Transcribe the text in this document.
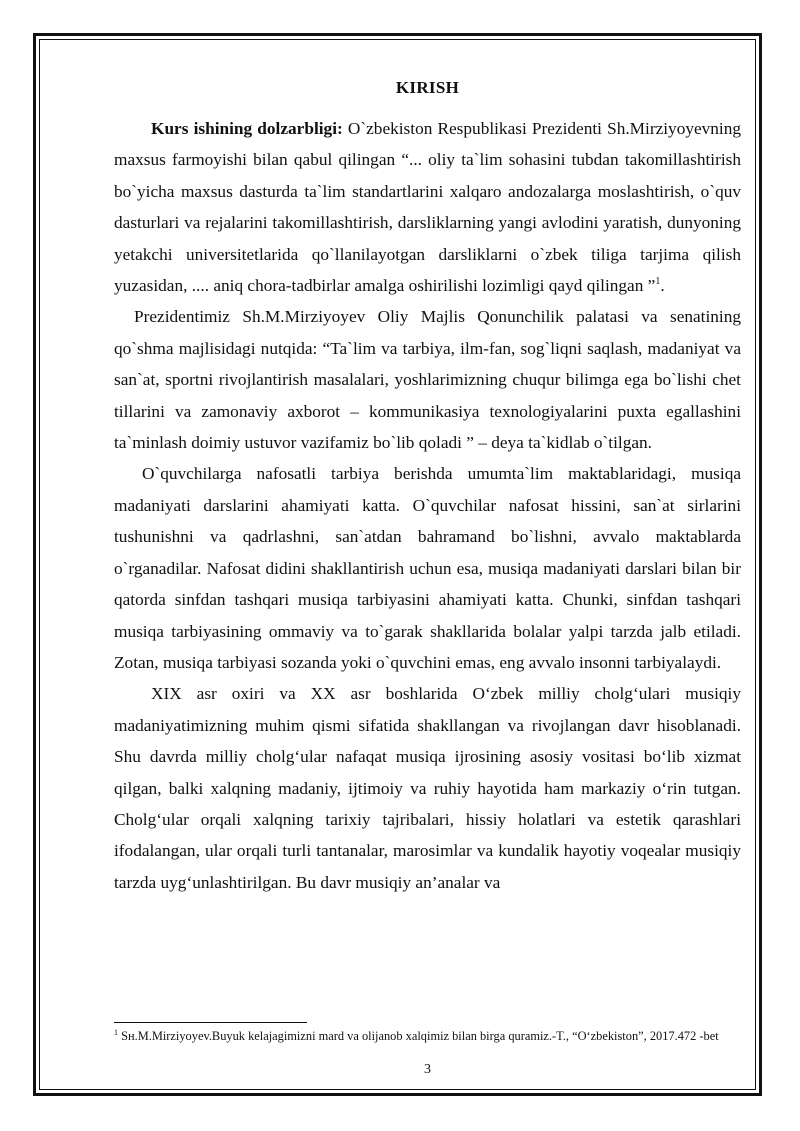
KIRISH

Kurs ishining dolzarbligi: O`zbekiston Respublikasi Prezidenti Sh.Mirziyoyevning maxsus farmoyishi bilan qabul qilingan “... oliy ta`lim sohasini tubdan takomillashtirish bo`yicha maxsus dasturda ta`lim standartlarini xalqaro andozalarga moslashtirish, o`quv dasturlari va rejalarini takomillashtirish, darsliklarning yangi avlodini yaratish, dunyoning yetakchi universitetlarida qo`llanilayotgan darsliklarni o`zbek tiliga tarjima qilish yuzasidan, .... aniq chora-tadbirlar amalga oshirilishi lozimligi qayd qilingan ”$^1$.

Prezidentimiz Sh.M.Mirziyoyev Oliy Majlis Qonunchilik palatasi va senatining qo`shma majlisidagi nutqida: “Ta`lim va tarbiya, ilm-fan, sog`liqni saqlash, madaniyat va san`at, sportni rivojlantirish masalalari, yoshlarimizning chuqur bilimga ega bo`lishi chet tillarini va zamonaviy axborot – kommunikasiya texnologiyalarini puxta egallashini ta`minlash doimiy ustuvor vazifamiz bo`lib qoladi ” – deya ta`kidlab o`tilgan.

O`quvchilarga nafosatli tarbiya berishda umumta`lim maktablaridagi, musiqa madaniyati darslarini ahamiyati katta. O`quvchilar nafosat hissini, san`at sirlarini tushunishni va qadrlashni, san`atdan bahramand bo`lishni, avvalo maktablarda o`rganadilar. Nafosat didini shakllantirish uchun esa, musiqa madaniyati darslari bilan bir qatorda sinfdan tashqari musiqa tarbiyasini ahamiyati katta. Chunki, sinfdan tashqari musiqa tarbiyasining ommaviy va to`garak shakllarida bolalar yalpi tarzda jalb etiladi. Zotan, musiqa tarbiyasi sozanda yoki o`quvchini emas, eng avvalo insonni tarbiyalaydi.

XIX asr oxiri va XX asr boshlarida O‘zbek milliy cholg‘ulari musiqiy madaniyatimizning muhim qismi sifatida shakllangan va rivojlangan davr hisoblanadi. Shu davrda milliy cholg‘ular nafaqat musiqa ijrosining asosiy vositasi bo‘lib xizmat qilgan, balki xalqning madaniy, ijtimoiy va ruhiy hayotida ham markaziy o‘rin tutgan. Cholg‘ular orqali xalqning tarixiy tajribalari, hissiy holatlari va estetik qarashlari ifodalangan, ular orqali turli tantanalar, marosimlar va kundalik hayotiy voqealar musiqiy tarzda uyg‘unlashtirilgan. Bu davr musiqiy an’analar va

$^1$ Sн.M.Mirziyoyev.Buyuk kelajagimizni mard va olijanob xalqimiz bilan birga quramiz.-T., “O‘zbekiston”, 2017.472 -bet
3
